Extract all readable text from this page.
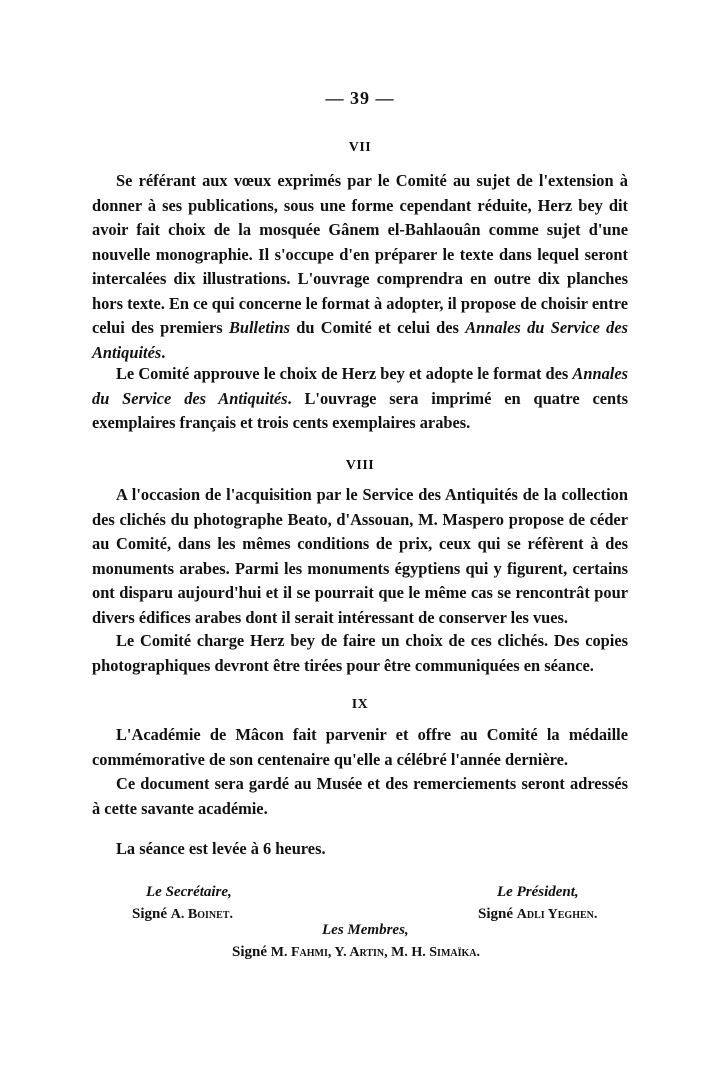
— 39 —
VII

Se référant aux vœux exprimés par le Comité au sujet de l'extension à donner à ses publications, sous une forme cependant réduite, Herz bey dit avoir fait choix de la mosquée Gânem el-Bahlaouân comme sujet d'une nouvelle monographie. Il s'occupe d'en préparer le texte dans lequel seront intercalées dix illustrations. L'ouvrage comprendra en outre dix planches hors texte. En ce qui concerne le format à adopter, il propose de choisir entre celui des premiers Bulletins du Comité et celui des Annales du Service des Antiquités.

Le Comité approuve le choix de Herz bey et adopte le format des Annales du Service des Antiquités. L'ouvrage sera imprimé en quatre cents exemplaires français et trois cents exemplaires arabes.

VIII

A l'occasion de l'acquisition par le Service des Antiquités de la collection des clichés du photographe Beato, d'Assouan, M. Maspero propose de céder au Comité, dans les mêmes conditions de prix, ceux qui se réfèrent à des monuments arabes. Parmi les monuments égyptiens qui y figurent, certains ont disparu aujourd'hui et il se pourrait que le même cas se rencontrât pour divers édifices arabes dont il serait intéressant de conserver les vues.

Le Comité charge Herz bey de faire un choix de ces clichés. Des copies photographiques devront être tirées pour être communiquées en séance.

IX

L'Académie de Mâcon fait parvenir et offre au Comité la médaille commémorative de son centenaire qu'elle a célébré l'année dernière.

Ce document sera gardé au Musée et des remerciements seront adressés à cette savante académie.

La séance est levée à 6 heures.

Le Secrétaire,
Signé A. Boinet.
Le Président,
Signé Adli Yeghen.
Les Membres,
Signé M. Fahmi, Y. Artin, M. H. Simaïka.
